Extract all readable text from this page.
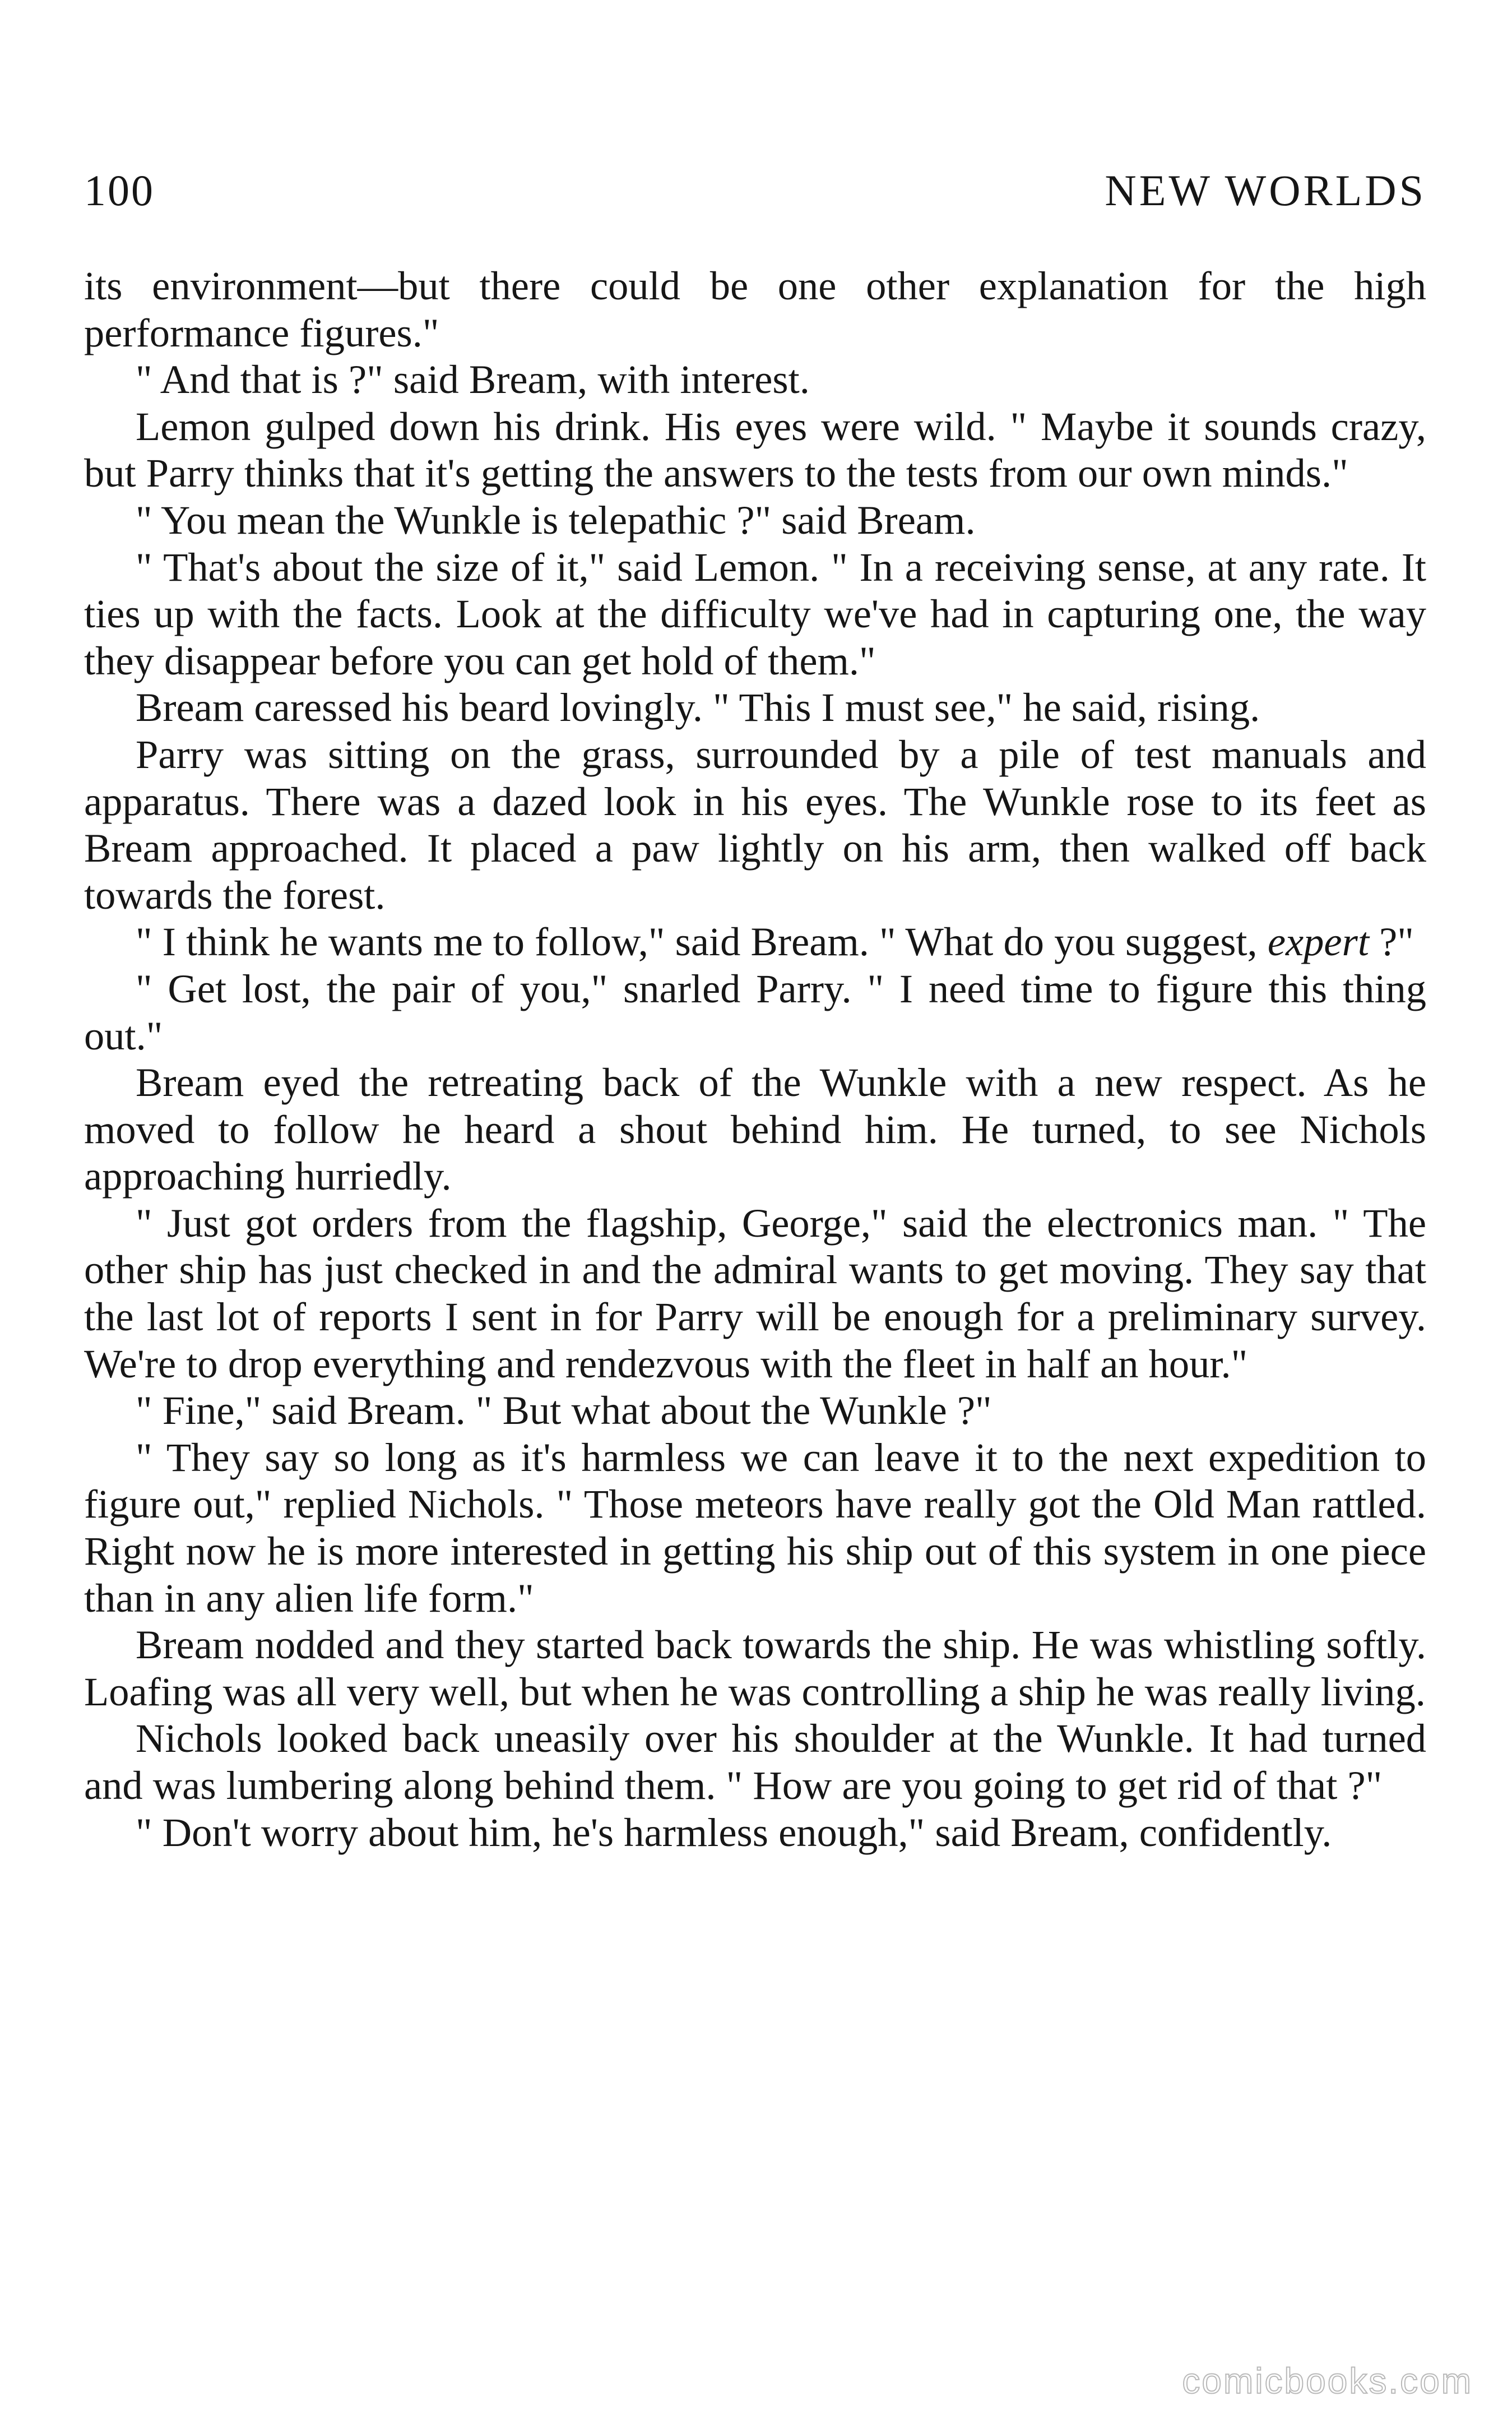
100	NEW WORLDS

its environment—but there could be one other explanation for the high performance figures."

" And that is ?" said Bream, with interest.

Lemon gulped down his drink. His eyes were wild. " Maybe it sounds crazy, but Parry thinks that it's getting the answers to the tests from our own minds."

" You mean the Wunkle is telepathic ?" said Bream.

" That's about the size of it," said Lemon. " In a receiving sense, at any rate. It ties up with the facts. Look at the difficulty we've had in capturing one, the way they disappear before you can get hold of them."

Bream caressed his beard lovingly. " This I must see," he said, rising.

Parry was sitting on the grass, surrounded by a pile of test manuals and apparatus. There was a dazed look in his eyes. The Wunkle rose to its feet as Bream approached. It placed a paw lightly on his arm, then walked off back towards the forest.

" I think he wants me to follow," said Bream. " What do you suggest, expert ?"

" Get lost, the pair of you," snarled Parry. " I need time to figure this thing out."

Bream eyed the retreating back of the Wunkle with a new respect. As he moved to follow he heard a shout behind him. He turned, to see Nichols approaching hurriedly.

" Just got orders from the flagship, George," said the electronics man. " The other ship has just checked in and the admiral wants to get moving. They say that the last lot of reports I sent in for Parry will be enough for a preliminary survey. We're to drop everything and rendezvous with the fleet in half an hour."

" Fine," said Bream. " But what about the Wunkle ?"

" They say so long as it's harmless we can leave it to the next expedition to figure out," replied Nichols. " Those meteors have really got the Old Man rattled. Right now he is more interested in getting his ship out of this system in one piece than in any alien life form."

Bream nodded and they started back towards the ship. He was whistling softly. Loafing was all very well, but when he was controlling a ship he was really living.

Nichols looked back uneasily over his shoulder at the Wunkle. It had turned and was lumbering along behind them. " How are you going to get rid of that ?"

" Don't worry about him, he's harmless enough," said Bream, confidently.

comicbooks.com
